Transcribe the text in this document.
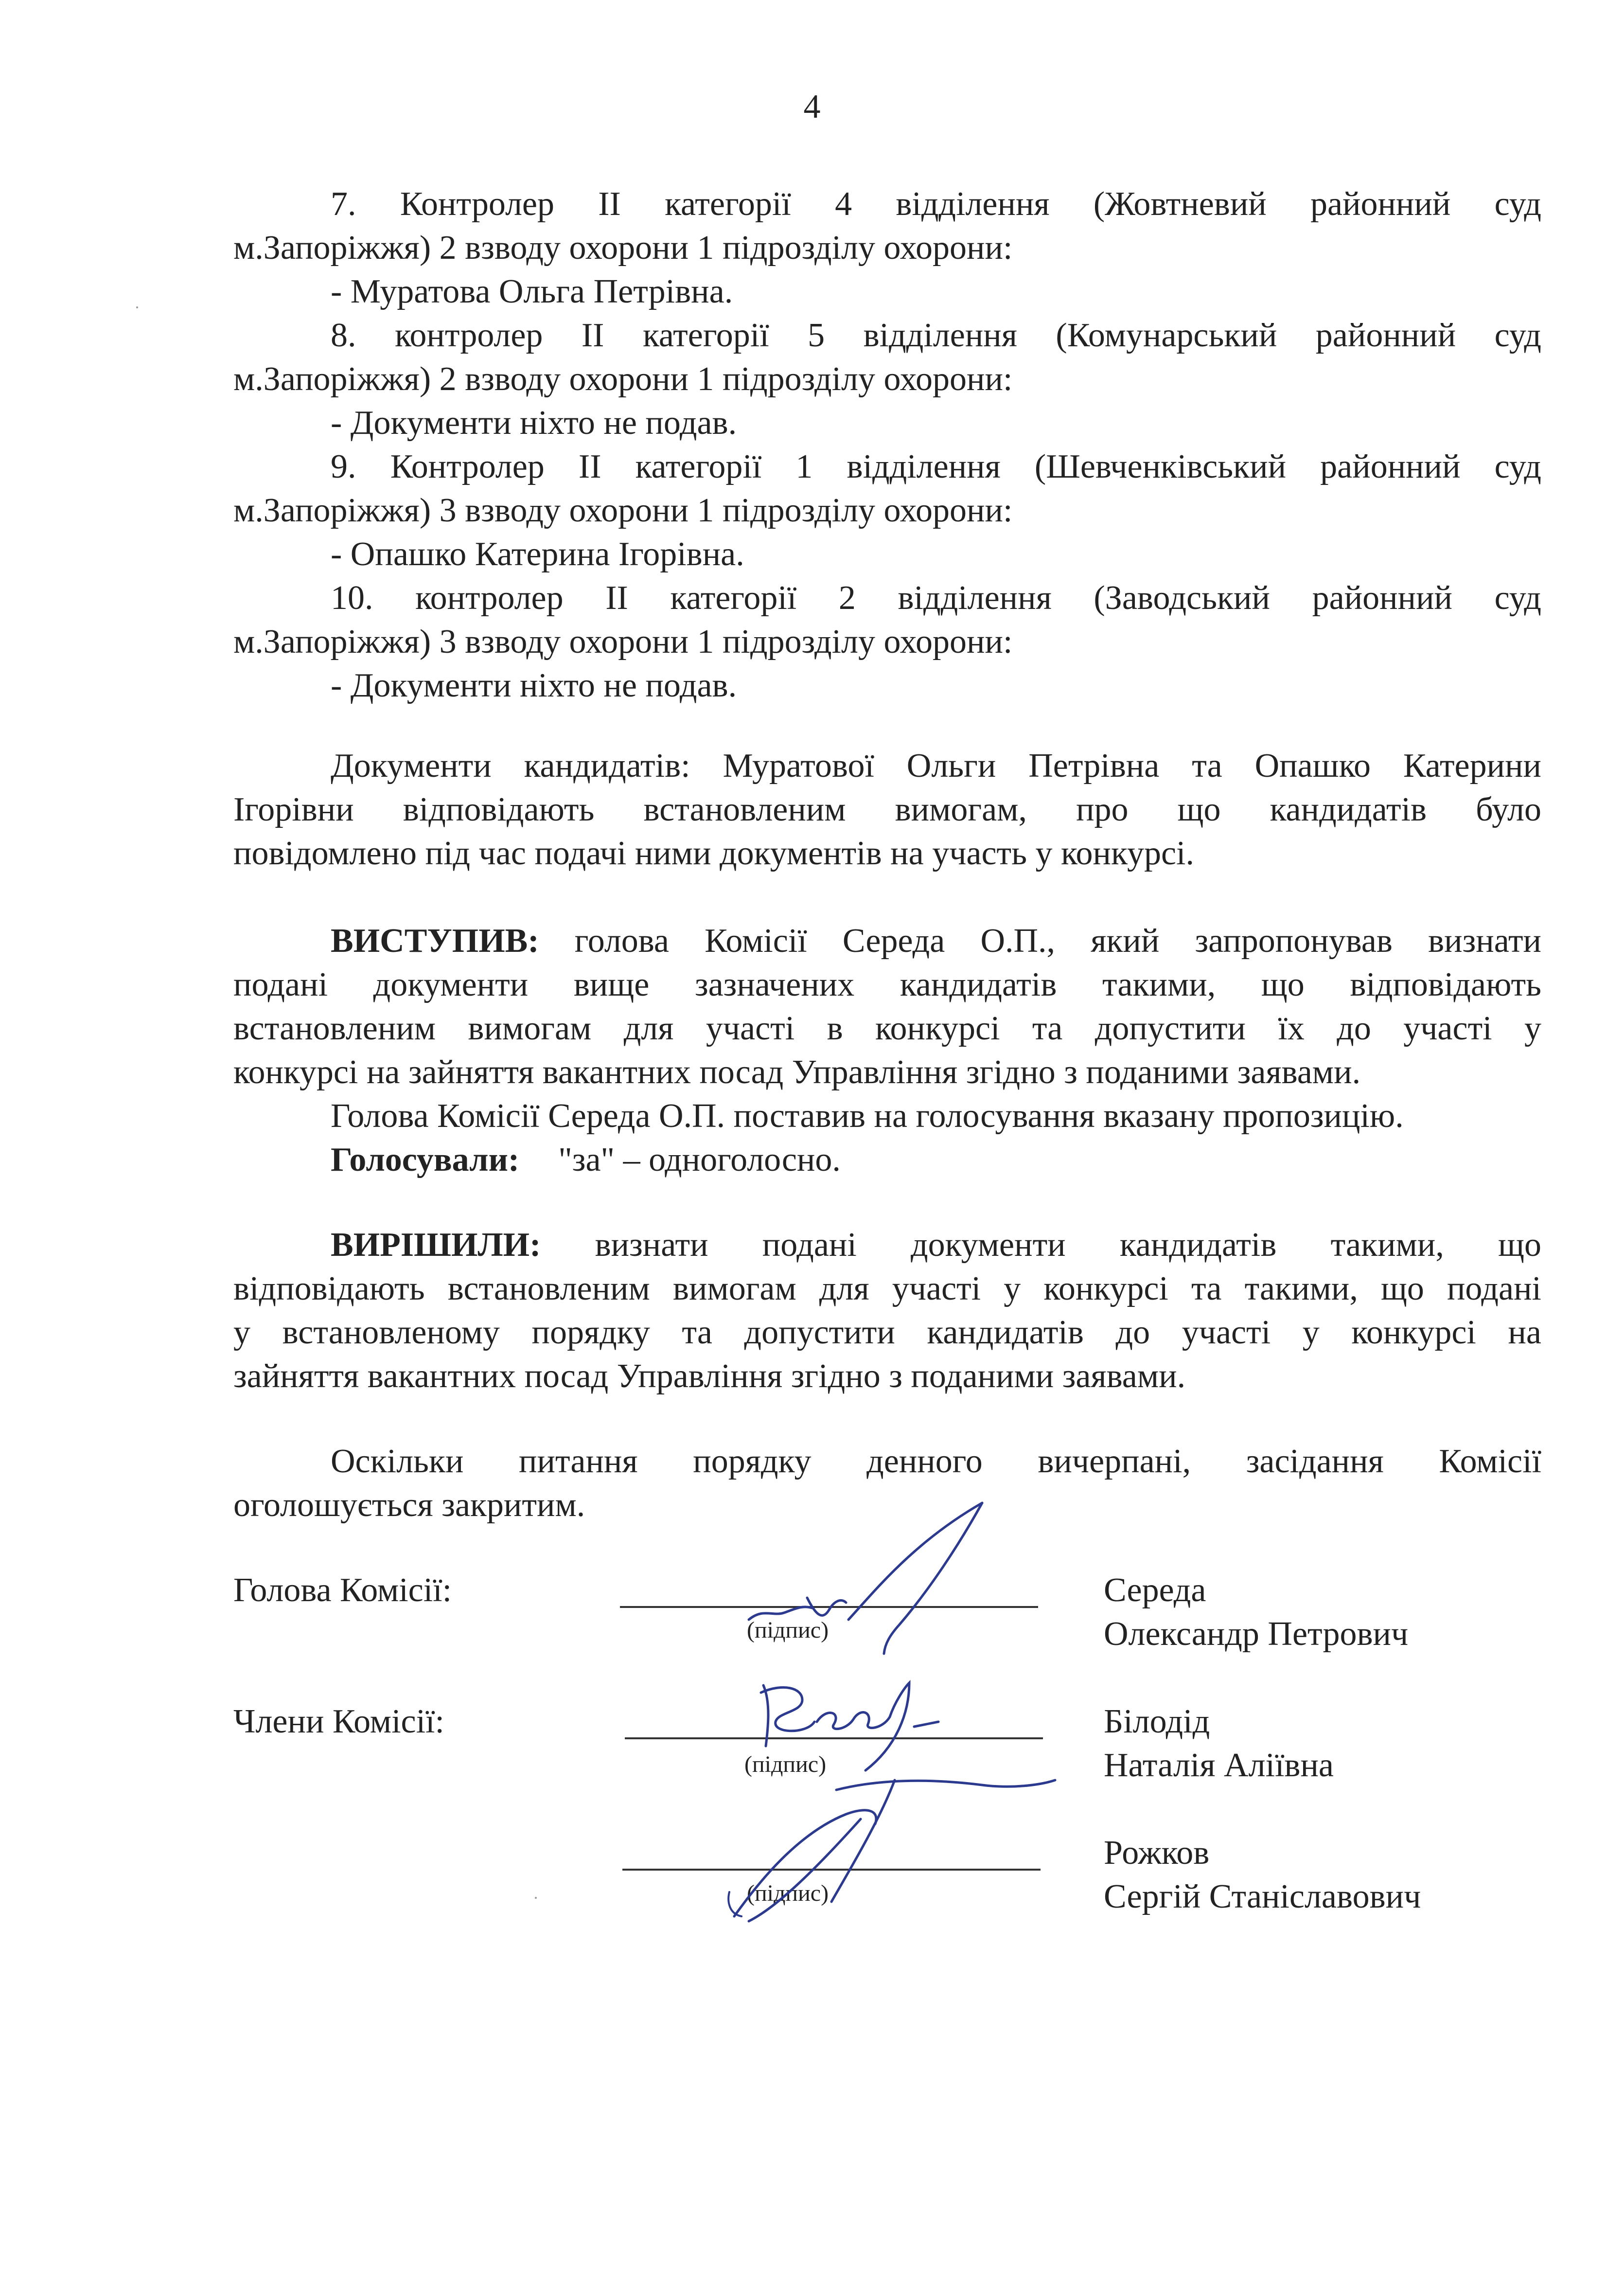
4
7. Контролер ІІ категорії 4 відділення (Жовтневий районний суд
м.Запоріжжя) 2 взводу охорони 1 підрозділу охорони:
- Муратова Ольга Петрівна.
8. контролер ІІ категорії 5 відділення (Комунарський районний суд
м.Запоріжжя) 2 взводу охорони 1 підрозділу охорони:
- Документи ніхто не подав.
9. Контролер ІІ категорії 1 відділення (Шевченківський районний суд
м.Запоріжжя) 3 взводу охорони 1 підрозділу охорони:
- Опашко Катерина Ігорівна.
10. контролер ІІ категорії 2 відділення (Заводський районний суд
м.Запоріжжя) 3 взводу охорони 1 підрозділу охорони:
- Документи ніхто не подав.
Документи кандидатів: Муратової Ольги Петрівна та Опашко Катерини
Ігорівни відповідають встановленим вимогам, про що кандидатів було
повідомлено під час подачі ними документів на участь у конкурсі.
ВИСТУПИВ: голова Комісії Середа О.П., який запропонував визнати
подані документи вище зазначених кандидатів такими, що відповідають
встановленим вимогам для участі в конкурсі та допустити їх до участі у
конкурсі на зайняття вакантних посад Управління згідно з поданими заявами.
Голова Комісії Середа О.П. поставив на голосування вказану пропозицію.
Голосували: "за" – одноголосно.
ВИРІШИЛИ: визнати подані документи кандидатів такими, що
відповідають встановленим вимогам для участі у конкурсі та такими, що подані
у встановленому порядку та допустити кандидатів до участі у конкурсі на
зайняття вакантних посад Управління згідно з поданими заявами.
Оскільки питання порядку денного вичерпані, засідання Комісії
оголошується закритим.
Голова Комісії:
(підпис)
Середа
Олександр Петрович
Члени Комісії:
(підпис)
Білодід
Наталія Аліївна
(підпис)
Рожков
Сергій Станіславович
